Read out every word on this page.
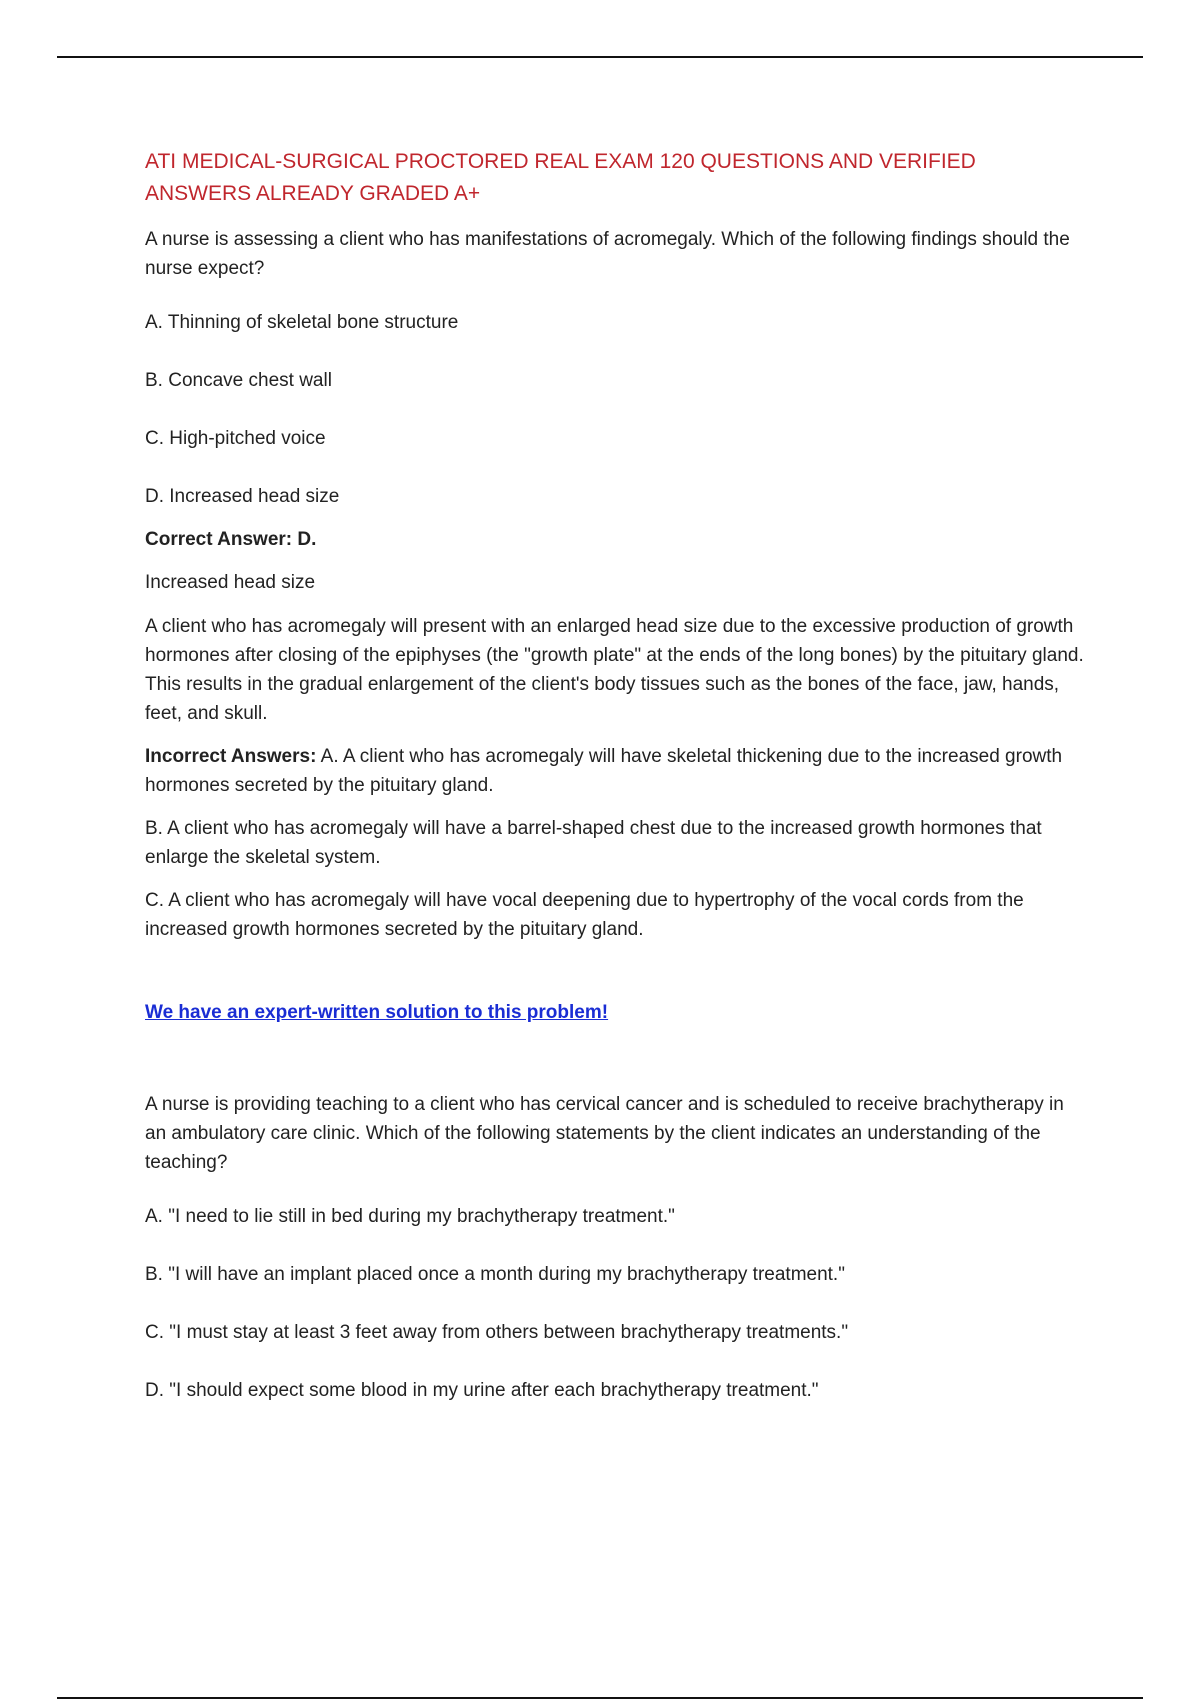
ATI MEDICAL-SURGICAL PROCTORED REAL EXAM 120 QUESTIONS AND VERIFIED ANSWERS ALREADY GRADED A+

A nurse is assessing a client who has manifestations of acromegaly. Which of the following findings should the nurse expect?

A. Thinning of skeletal bone structure

B. Concave chest wall

C. High-pitched voice

D. Increased head size

Correct Answer: D.

Increased head size

A client who has acromegaly will present with an enlarged head size due to the excessive production of growth hormones after closing of the epiphyses (the "growth plate" at the ends of the long bones) by the pituitary gland. This results in the gradual enlargement of the client's body tissues such as the bones of the face, jaw, hands, feet, and skull.

Incorrect Answers: A. A client who has acromegaly will have skeletal thickening due to the increased growth hormones secreted by the pituitary gland.

B. A client who has acromegaly will have a barrel-shaped chest due to the increased growth hormones that enlarge the skeletal system.

C. A client who has acromegaly will have vocal deepening due to hypertrophy of the vocal cords from the increased growth hormones secreted by the pituitary gland.

We have an expert-written solution to this problem!

A nurse is providing teaching to a client who has cervical cancer and is scheduled to receive brachytherapy in an ambulatory care clinic. Which of the following statements by the client indicates an understanding of the teaching?

A. "I need to lie still in bed during my brachytherapy treatment."

B. "I will have an implant placed once a month during my brachytherapy treatment."

C. "I must stay at least 3 feet away from others between brachytherapy treatments."

D. "I should expect some blood in my urine after each brachytherapy treatment."
